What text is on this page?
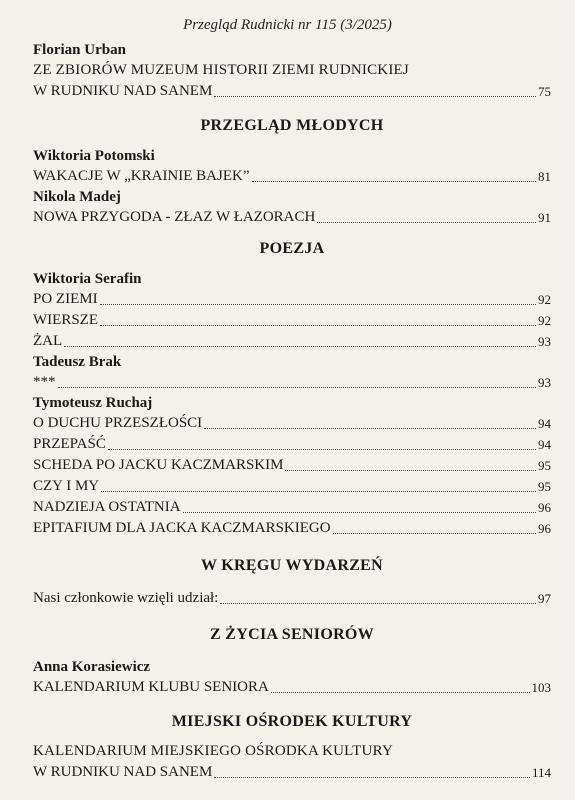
Przegląd Rudnicki nr 115 (3/2025)
Florian Urban
ZE ZBIORÓW MUZEUM HISTORII ZIEMI RUDNICKIEJ
W RUDNIKU NAD SANEM	75
PRZEGLĄD MŁODYCH
Wiktoria Potomski
WAKACJE W „KRAINIE BAJEK”	81
Nikola Madej
NOWA PRZYGODA - ZŁAZ W ŁAZORACH	91
POEZJA
Wiktoria Serafin
PO ZIEMI	92
WIERSZE	92
ŻAL	93
Tadeusz Brak
***	93
Tymoteusz Ruchaj
O DUCHU PRZESZŁOŚCI	94
PRZEPAŚĆ	94
SCHEDA PO JACKU KACZMARSKIM	95
CZY I MY	95
NADZIEJA OSTATNIA	96
EPITAFIUM DLA JACKA KACZMARSKIEGO	96
W KRĘGU WYDARZEŃ
Nasi członkowie wzięli udział:	97
Z ŻYCIA SENIORÓW
Anna Korasiewicz
KALENDARIUM KLUBU SENIORA	103
MIEJSKI OŚRODEK KULTURY
KALENDARIUM MIEJSKIEGO OŚRODKA KULTURY
W RUDNIKU NAD SANEM	114
